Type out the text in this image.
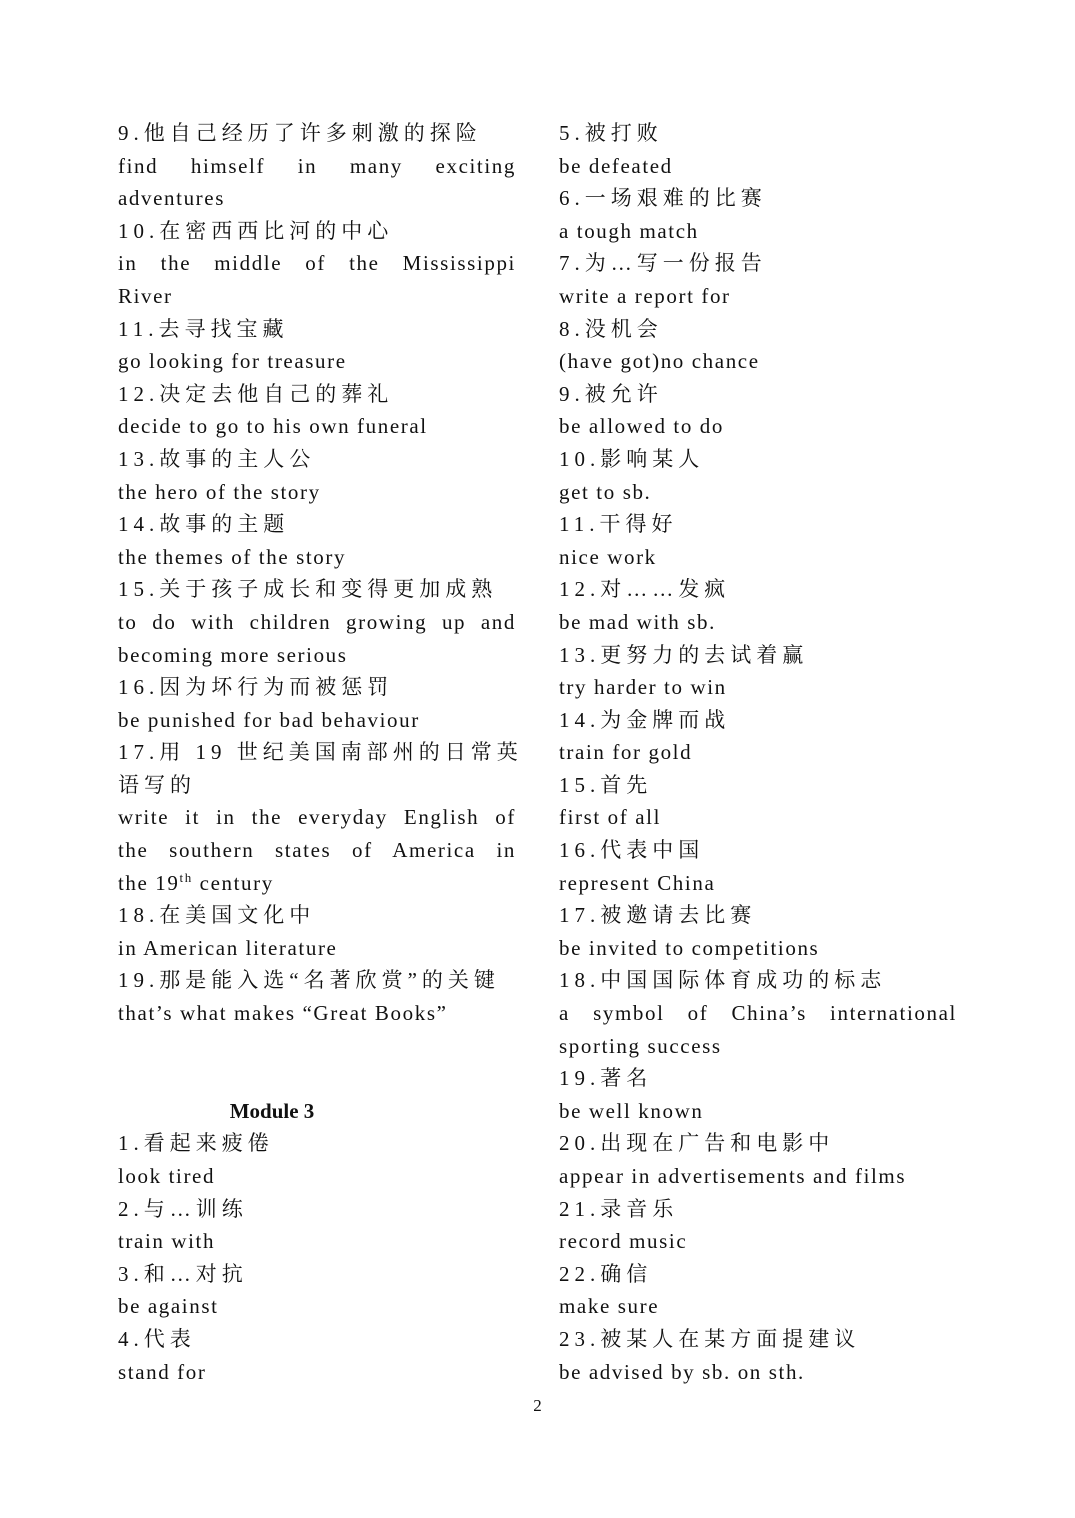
9.他自己经历了许多刺激的探险
find himself in many exciting
adventures
10.在密西西比河的中心
in the middle of the Mississippi
River
11.去寻找宝藏
go looking for treasure
12.决定去他自己的葬礼
decide to go to his own funeral
13.故事的主人公
the hero of the story
14.故事的主题
the themes of the story
15.关于孩子成长和变得更加成熟
to do with children growing up and
becoming more serious
16.因为坏行为而被惩罚
be punished for bad behaviour
17.用 19 世纪美国南部州的日常英
语写的
write it in the everyday English of
the southern states of America in
the 19th century
18.在美国文化中
in American literature
19.那是能入选“名著欣赏”的关键
that’s what makes “Great Books”
Module 3
1.看起来疲倦
look tired
2.与…训练
train with
3.和…对抗
be against
4.代表
stand for
5.被打败
be defeated
6.一场艰难的比赛
a tough match
7.为…写一份报告
write a report for
8.没机会
(have got)no chance
9.被允许
be allowed to do
10.影响某人
get to sb.
11.干得好
nice work
12.对……发疯
be mad with sb.
13.更努力的去试着赢
try harder to win
14.为金牌而战
train for gold
15.首先
first of all
16.代表中国
represent China
17.被邀请去比赛
be invited to competitions
18.中国国际体育成功的标志
a symbol of China’s international
sporting success
19.著名
be well known
20.出现在广告和电影中
appear in advertisements and films
21.录音乐
record music
22.确信
make sure
23.被某人在某方面提建议
be advised by sb. on sth.
2
